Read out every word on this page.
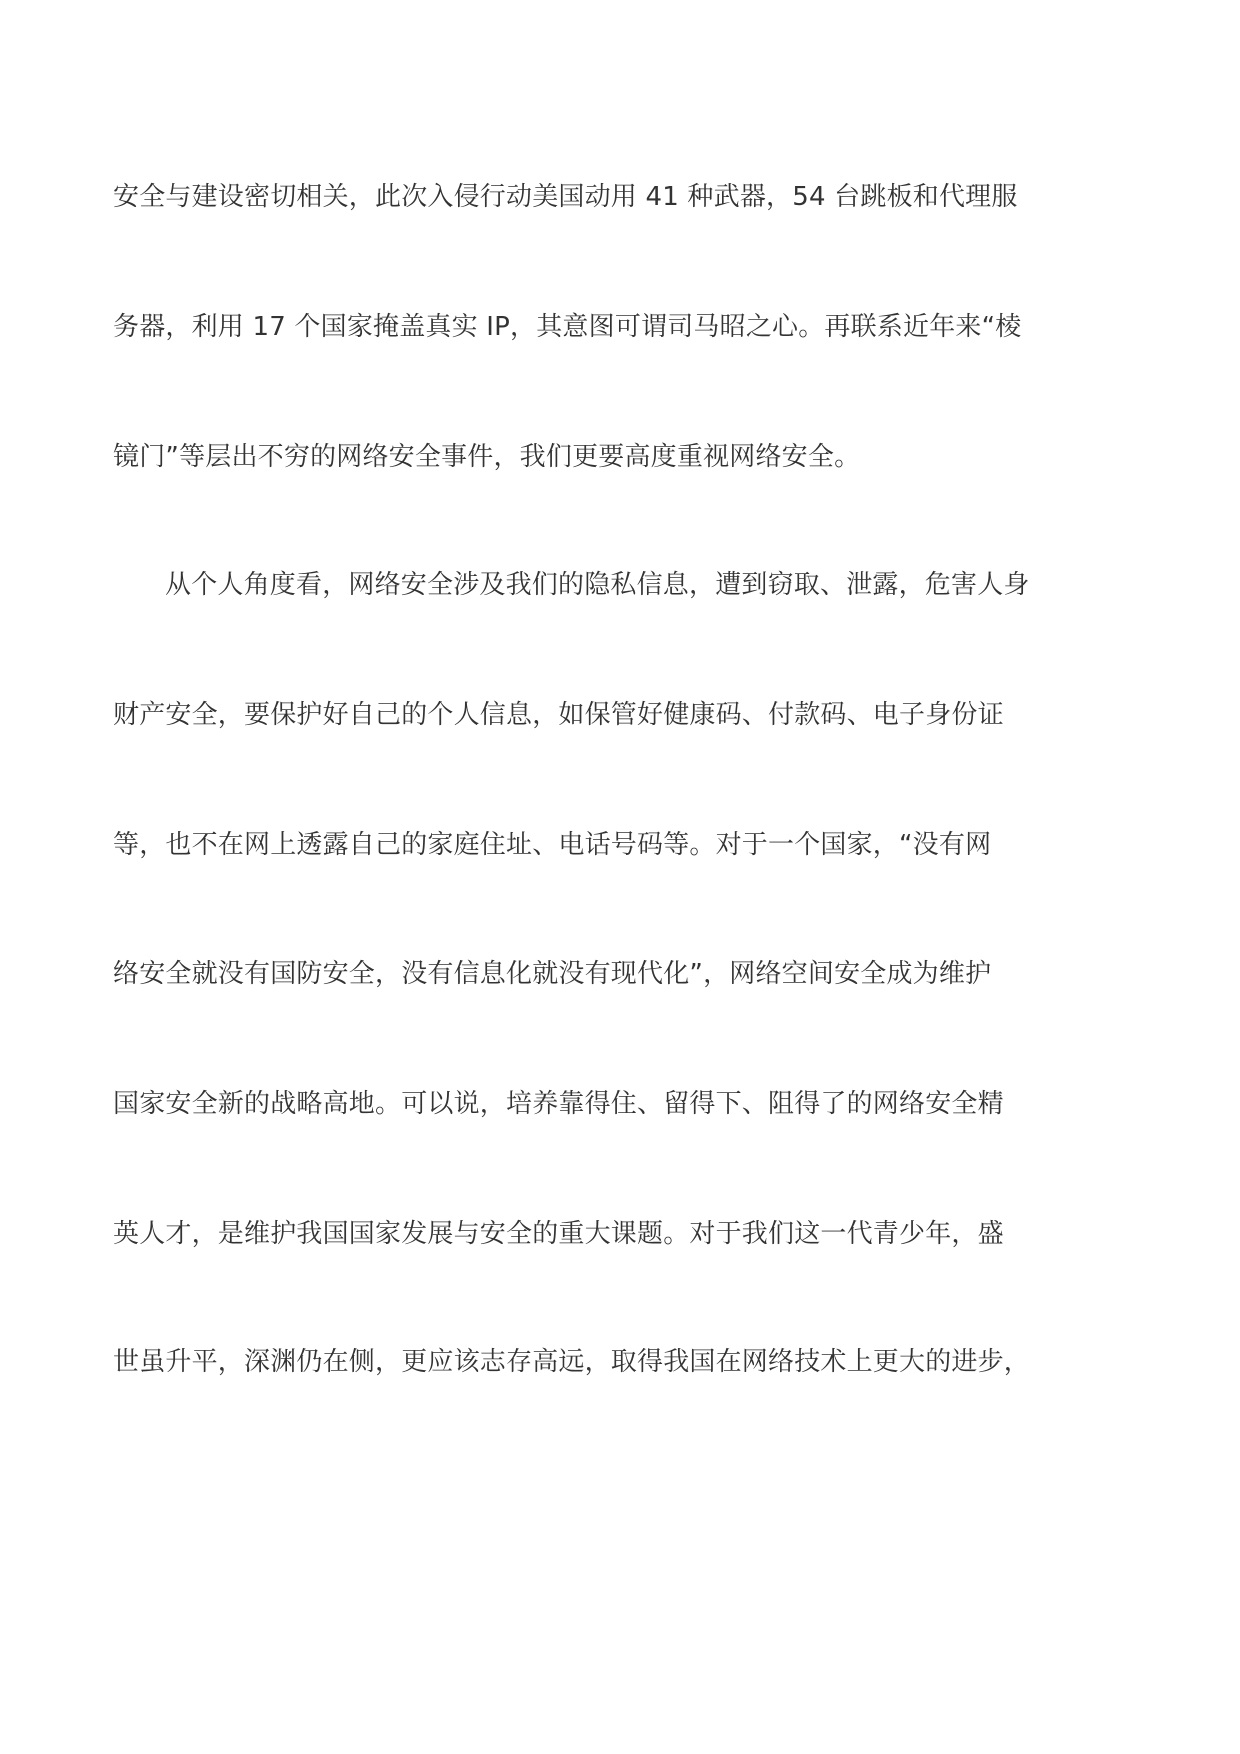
安全与建设密切相关，此次入侵行动美国动用 41 种武器，54 台跳板和代理服
务器，利用 17 个国家掩盖真实 IP，其意图可谓司马昭之心。再联系近年来“棱
镜门”等层出不穷的网络安全事件，我们更要高度重视网络安全。
从个人角度看，网络安全涉及我们的隐私信息，遭到窃取、泄露，危害人身
财产安全，要保护好自己的个人信息，如保管好健康码、付款码、电子身份证
等，也不在网上透露自己的家庭住址、电话号码等。对于一个国家，“没有网
络安全就没有国防安全，没有信息化就没有现代化”，网络空间安全成为维护
国家安全新的战略高地。可以说，培养靠得住、留得下、阻得了的网络安全精
英人才，是维护我国国家发展与安全的重大课题。对于我们这一代青少年，盛
世虽升平，深渊仍在侧，更应该志存高远，取得我国在网络技术上更大的进步，
